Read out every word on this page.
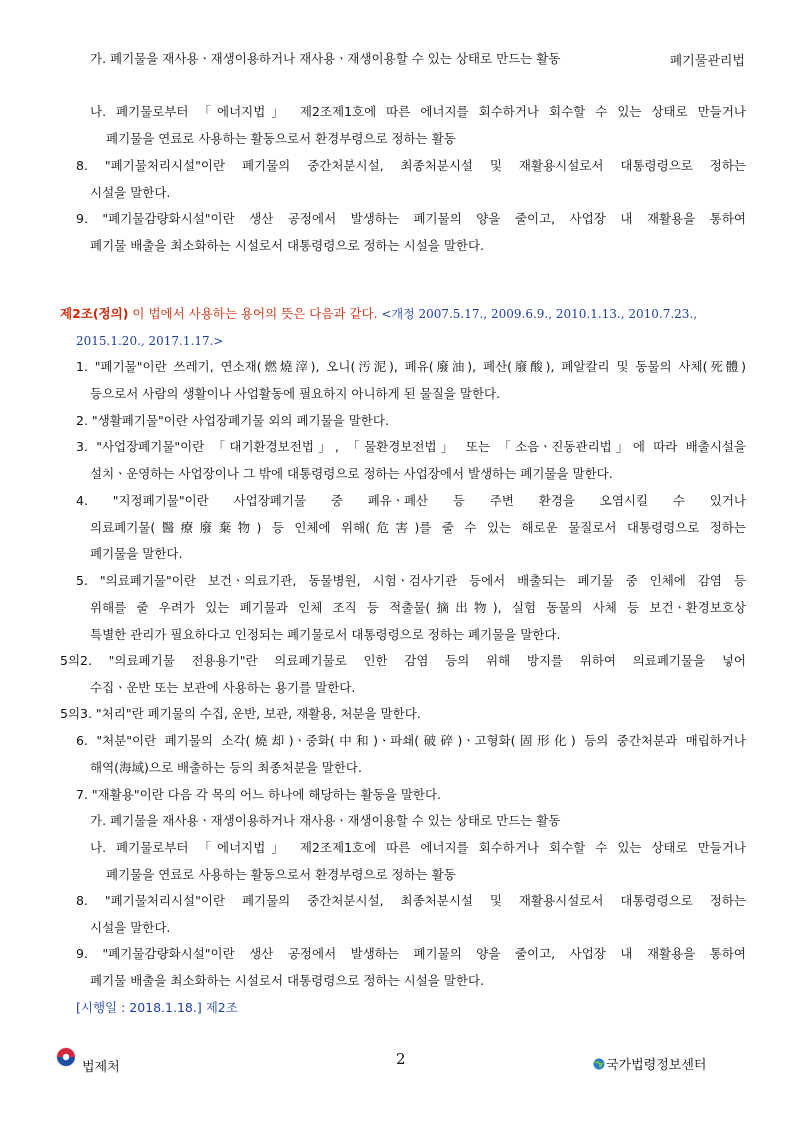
폐기물관리법
가. 폐기물을 재사용ㆍ재생이용하거나 재사용ㆍ재생이용할 수 있는 상태로 만드는 활동
나. 폐기물로부터 「에너지법」 제2조제1호에 따른 에너지를 회수하거나 회수할 수 있는 상태로 만들거나
폐기물을 연료로 사용하는 활동으로서 환경부령으로 정하는 활동
8. "폐기물처리시설"이란 폐기물의 중간처분시설, 최종처분시설 및 재활용시설로서 대통령령으로 정하는
시설을 말한다.
9. "폐기물감량화시설"이란 생산 공정에서 발생하는 폐기물의 양을 줄이고, 사업장 내 재활용을 통하여
폐기물 배출을 최소화하는 시설로서 대통령령으로 정하는 시설을 말한다.
제2조(정의) 이 법에서 사용하는 용어의 뜻은 다음과 같다. <개정 2007.5.17., 2009.6.9., 2010.1.13., 2010.7.23.,
2015.1.20., 2017.1.17.>
1. "폐기물"이란 쓰레기, 연소재(燃燒滓), 오니(汚泥), 폐유(廢油), 폐산(廢酸), 폐알칼리 및 동물의 사체(死體)
등으로서 사람의 생활이나 사업활동에 필요하지 아니하게 된 물질을 말한다.
2. "생활폐기물"이란 사업장폐기물 외의 폐기물을 말한다.
3. "사업장폐기물"이란 「대기환경보전법」, 「물환경보전법」 또는 「소음ㆍ진동관리법」에 따라 배출시설을
설치ㆍ운영하는 사업장이나 그 밖에 대통령령으로 정하는 사업장에서 발생하는 폐기물을 말한다.
4. "지정폐기물"이란 사업장폐기물 중 폐유ㆍ폐산 등 주변 환경을 오염시킬 수 있거나
의료폐기물(醫療廢棄物) 등 인체에 위해(危害)를 줄 수 있는 해로운 물질로서 대통령령으로 정하는
폐기물을 말한다.
5. "의료폐기물"이란 보건ㆍ의료기관, 동물병원, 시험ㆍ검사기관 등에서 배출되는 폐기물 중 인체에 감염 등
위해를 줄 우려가 있는 폐기물과 인체 조직 등 적출물(摘出物), 실험 동물의 사체 등 보건ㆍ환경보호상
특별한 관리가 필요하다고 인정되는 폐기물로서 대통령령으로 정하는 폐기물을 말한다.
5의2. "의료폐기물 전용용기"란 의료폐기물로 인한 감염 등의 위해 방지를 위하여 의료폐기물을 넣어
수집ㆍ운반 또는 보관에 사용하는 용기를 말한다.
5의3. "처리"란 폐기물의 수집, 운반, 보관, 재활용, 처분을 말한다.
6. "처분"이란 폐기물의 소각(燒却)ㆍ중화(中和)ㆍ파쇄(破碎)ㆍ고형화(固形化) 등의 중간처분과 매립하거나
해역(海域)으로 배출하는 등의 최종처분을 말한다.
7. "재활용"이란 다음 각 목의 어느 하나에 해당하는 활동을 말한다.
가. 폐기물을 재사용ㆍ재생이용하거나 재사용ㆍ재생이용할 수 있는 상태로 만드는 활동
나. 폐기물로부터 「에너지법」 제2조제1호에 따른 에너지를 회수하거나 회수할 수 있는 상태로 만들거나
폐기물을 연료로 사용하는 활동으로서 환경부령으로 정하는 활동
8. "폐기물처리시설"이란 폐기물의 중간처분시설, 최종처분시설 및 재활용시설로서 대통령령으로 정하는
시설을 말한다.
9. "폐기물감량화시설"이란 생산 공정에서 발생하는 폐기물의 양을 줄이고, 사업장 내 재활용을 통하여
폐기물 배출을 최소화하는 시설로서 대통령령으로 정하는 시설을 말한다.
[시행일 : 2018.1.18.] 제2조
법제처	2	국가법령정보센터
